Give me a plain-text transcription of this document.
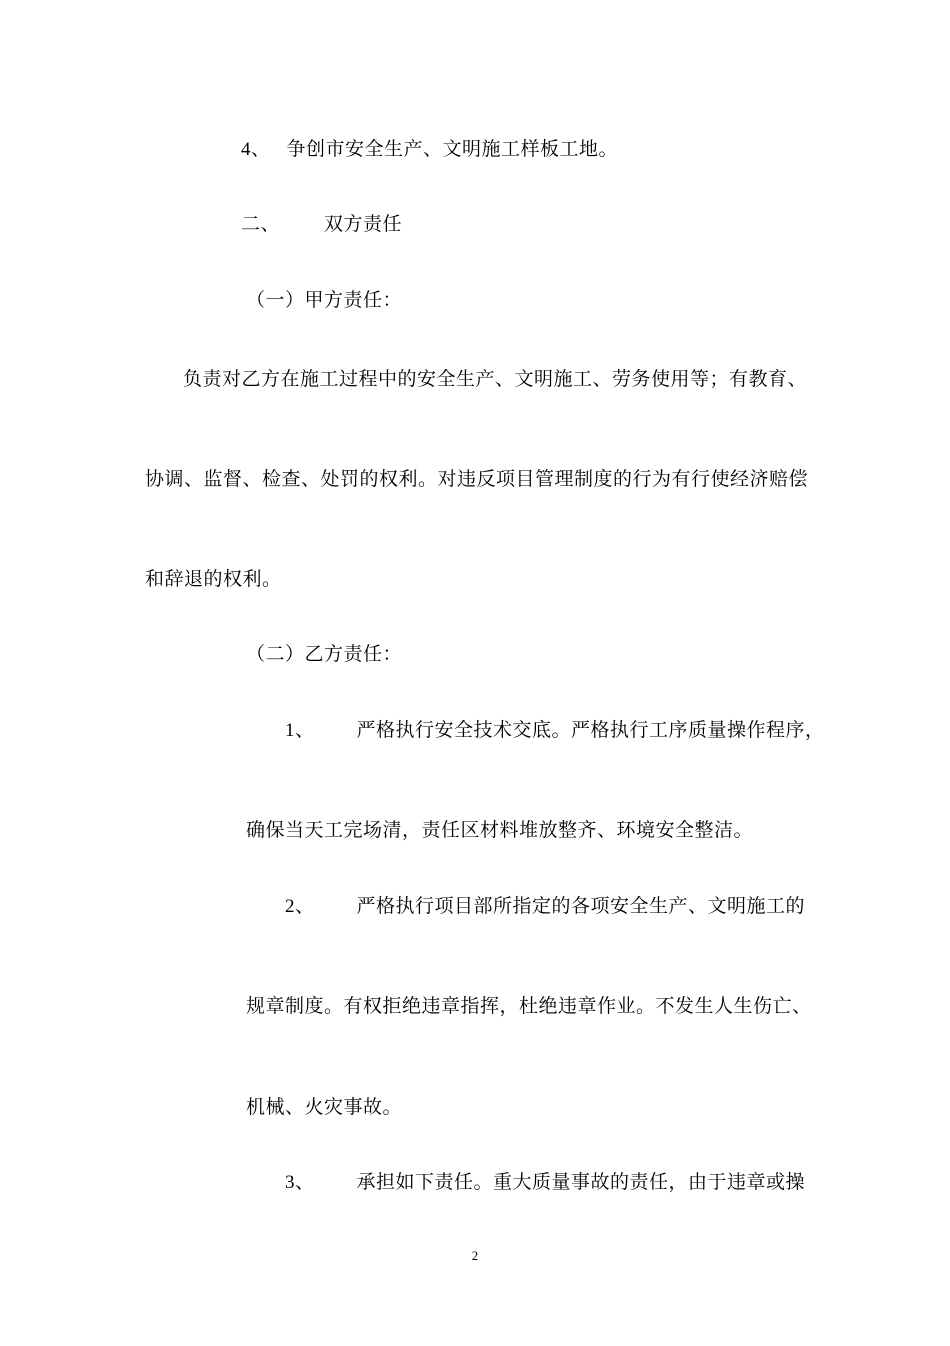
4、 争创市安全生产、文明施工样板工地。
二、 双方责任
（一）甲方责任：
负责对乙方在施工过程中的安全生产、文明施工、劳务使用等；有教育、
协调、监督、检查、处罚的权利。对违反项目管理制度的行为有行使经济赔偿
和辞退的权利。
（二）乙方责任：
1、 严格执行安全技术交底。严格执行工序质量操作程序，
确保当天工完场清，责任区材料堆放整齐、环境安全整洁。
2、 严格执行项目部所指定的各项安全生产、文明施工的
规章制度。有权拒绝违章指挥，杜绝违章作业。不发生人生伤亡、
机械、火灾事故。
3、 承担如下责任。重大质量事故的责任，由于违章或操
2
